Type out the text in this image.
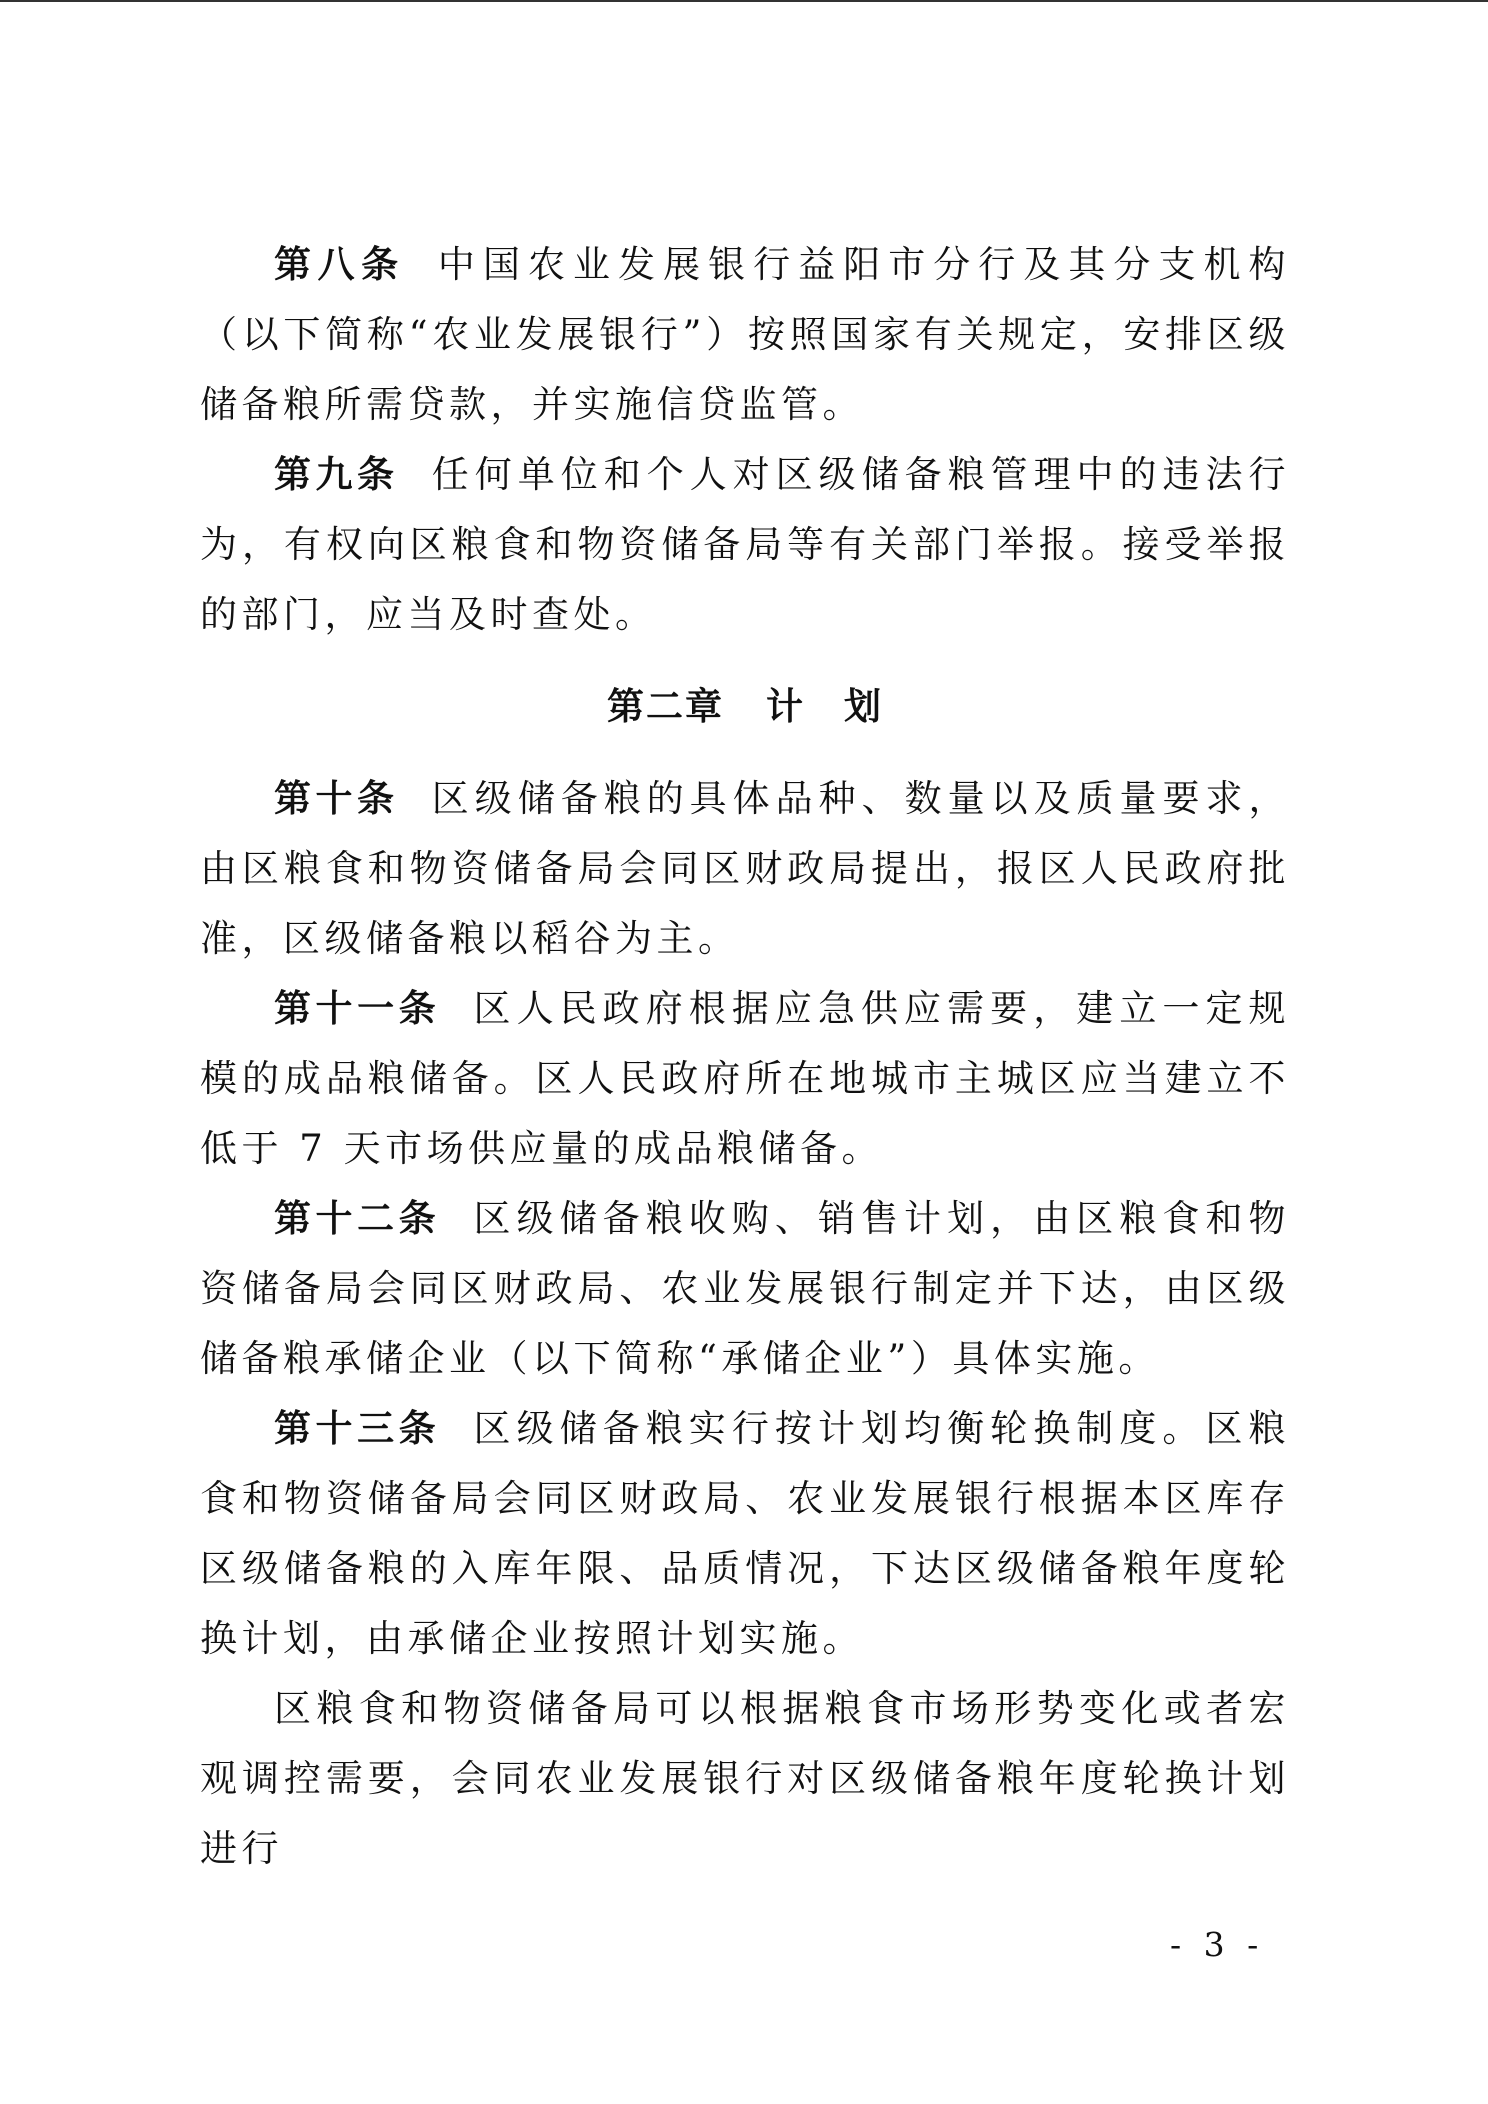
第八条 中国农业发展银行益阳市分行及其分支机构（以下简称“农业发展银行”）按照国家有关规定，安排区级储备粮所需贷款，并实施信贷监管。

第九条 任何单位和个人对区级储备粮管理中的违法行为，有权向区粮食和物资储备局等有关部门举报。接受举报的部门，应当及时查处。

第二章 计　划

第十条 区级储备粮的具体品种、数量以及质量要求，由区粮食和物资储备局会同区财政局提出，报区人民政府批准，区级储备粮以稻谷为主。

第十一条 区人民政府根据应急供应需要，建立一定规模的成品粮储备。区人民政府所在地城市主城区应当建立不低于 7 天市场供应量的成品粮储备。

第十二条 区级储备粮收购、销售计划，由区粮食和物资储备局会同区财政局、农业发展银行制定并下达，由区级储备粮承储企业（以下简称“承储企业”）具体实施。

第十三条 区级储备粮实行按计划均衡轮换制度。区粮食和物资储备局会同区财政局、农业发展银行根据本区库存区级储备粮的入库年限、品质情况，下达区级储备粮年度轮换计划，由承储企业按照计划实施。

区粮食和物资储备局可以根据粮食市场形势变化或者宏观调控需要，会同农业发展银行对区级储备粮年度轮换计划进行

- 3 -
